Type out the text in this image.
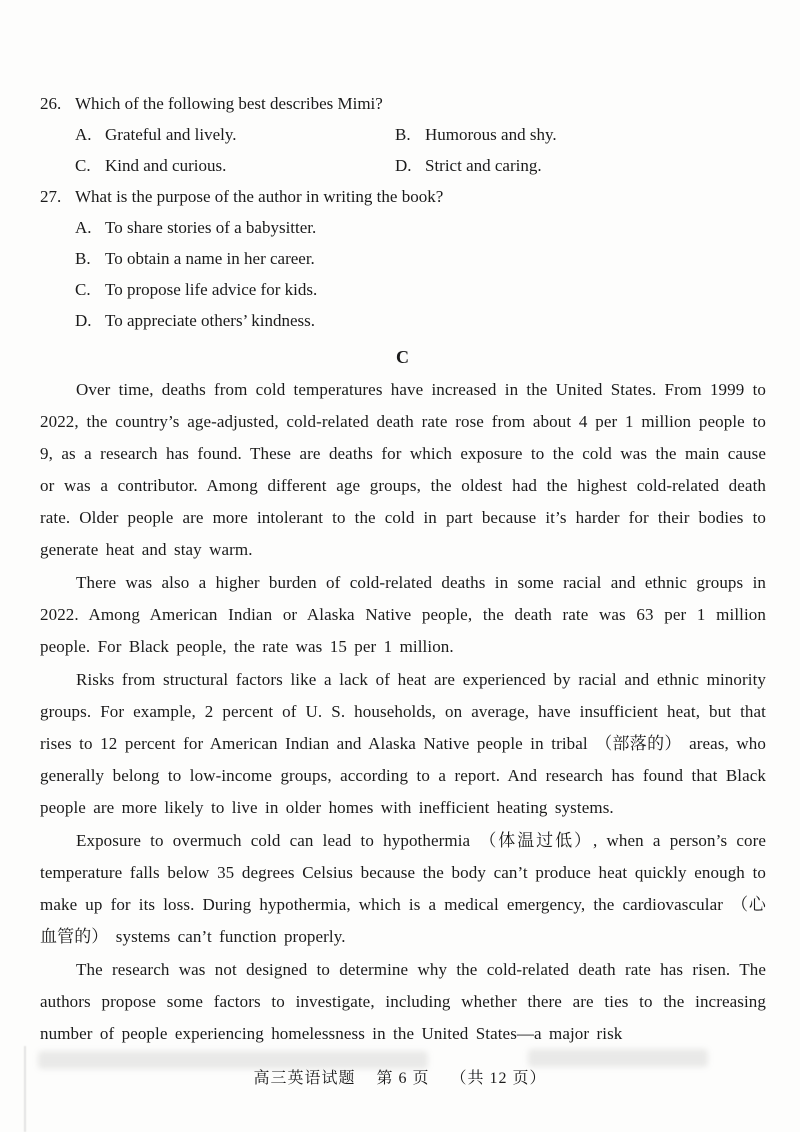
26. Which of the following best describes Mimi?
A. Grateful and lively.	B. Humorous and shy.
C. Kind and curious.	D. Strict and caring.
27. What is the purpose of the author in writing the book?
A. To share stories of a babysitter.
B. To obtain a name in her career.
C. To propose life advice for kids.
D. To appreciate others’ kindness.
C

Over time, deaths from cold temperatures have increased in the United States. From 1999 to 2022, the country’s age-adjusted, cold-related death rate rose from about 4 per 1 million people to 9, as a research has found. These are deaths for which exposure to the cold was the main cause or was a contributor. Among different age groups, the oldest had the highest cold-related death rate. Older people are more intolerant to the cold in part because it’s harder for their bodies to generate heat and stay warm.

There was also a higher burden of cold-related deaths in some racial and ethnic groups in 2022. Among American Indian or Alaska Native people, the death rate was 63 per 1 million people. For Black people, the rate was 15 per 1 million.

Risks from structural factors like a lack of heat are experienced by racial and ethnic minority groups. For example, 2 percent of U. S. households, on average, have insufficient heat, but that rises to 12 percent for American Indian and Alaska Native people in tribal （部落的） areas, who generally belong to low-income groups, according to a report. And research has found that Black people are more likely to live in older homes with inefficient heating systems.

Exposure to overmuch cold can lead to hypothermia （体温过低）, when a person’s core temperature falls below 35 degrees Celsius because the body can’t produce heat quickly enough to make up for its loss. During hypothermia, which is a medical emergency, the cardiovascular （心血管的） systems can’t function properly.

The research was not designed to determine why the cold-related death rate has risen. The authors propose some factors to investigate, including whether there are ties to the increasing number of people experiencing homelessness in the United States—a major risk

高三英语试题 第 6 页 （共 12 页）
